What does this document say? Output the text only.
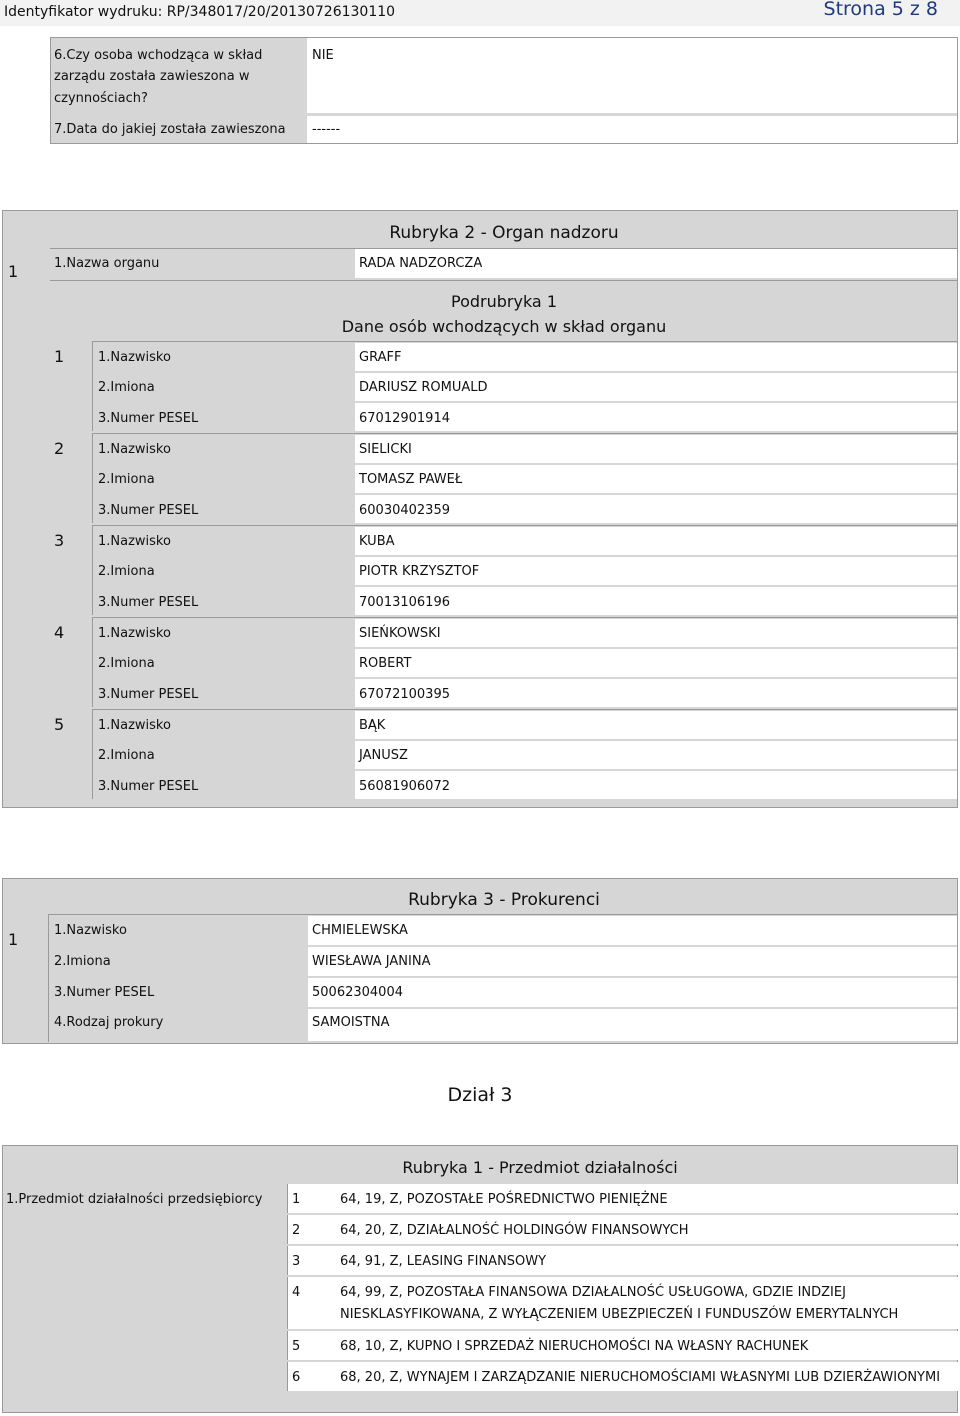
Identyfikator wydruku: RP/348017/20/20130726130110	Strona 5 z 8
6.Czy osoba wchodząca w skład
zarządu została zawieszona w
czynnościach?
NIE
7.Data do jakiej została zawieszona ------
Rubryka 2 - Organ nadzoru
1	1.Nazwa organu	RADA NADZORCZA
Podrubryka 1
Dane osób wchodzących w skład organu
1	1.Nazwisko	GRAFF
2.Imiona	DARIUSZ ROMUALD
3.Numer PESEL	67012901914
2	1.Nazwisko	SIELICKI
2.Imiona	TOMASZ PAWEŁ
3.Numer PESEL	60030402359
3	1.Nazwisko	KUBA
2.Imiona	PIOTR KRZYSZTOF
3.Numer PESEL	70013106196
4	1.Nazwisko	SIEŃKOWSKI
2.Imiona	ROBERT
3.Numer PESEL	67072100395
5	1.Nazwisko	BĄK
2.Imiona	JANUSZ
3.Numer PESEL	56081906072
Rubryka 3 - Prokurenci
1	1.Nazwisko	CHMIELEWSKA
2.Imiona	WIESŁAWA JANINA
3.Numer PESEL	50062304004
4.Rodzaj prokury	SAMOISTNA
Dział 3
Rubryka 1 - Przedmiot działalności
1.Przedmiot działalności przedsiębiorcy 1	64, 19, Z, POZOSTAŁE POŚREDNICTWO PIENIĘŻNE
2	64, 20, Z, DZIAŁALNOŚĆ HOLDINGÓW FINANSOWYCH
3	64, 91, Z, LEASING FINANSOWY
4	64, 99, Z, POZOSTAŁA FINANSOWA DZIAŁALNOŚĆ USŁUGOWA, GDZIE INDZIEJ
NIESKLASYFIKOWANA, Z WYŁĄCZENIEM UBEZPIECZEŃ I FUNDUSZÓW EMERYTALNYCH
5	68, 10, Z, KUPNO I SPRZEDAŻ NIERUCHOMOŚCI NA WŁASNY RACHUNEK
6	68, 20, Z, WYNAJEM I ZARZĄDZANIE NIERUCHOMOŚCIAMI WŁASNYMI LUB DZIERŻAWIONYMI
